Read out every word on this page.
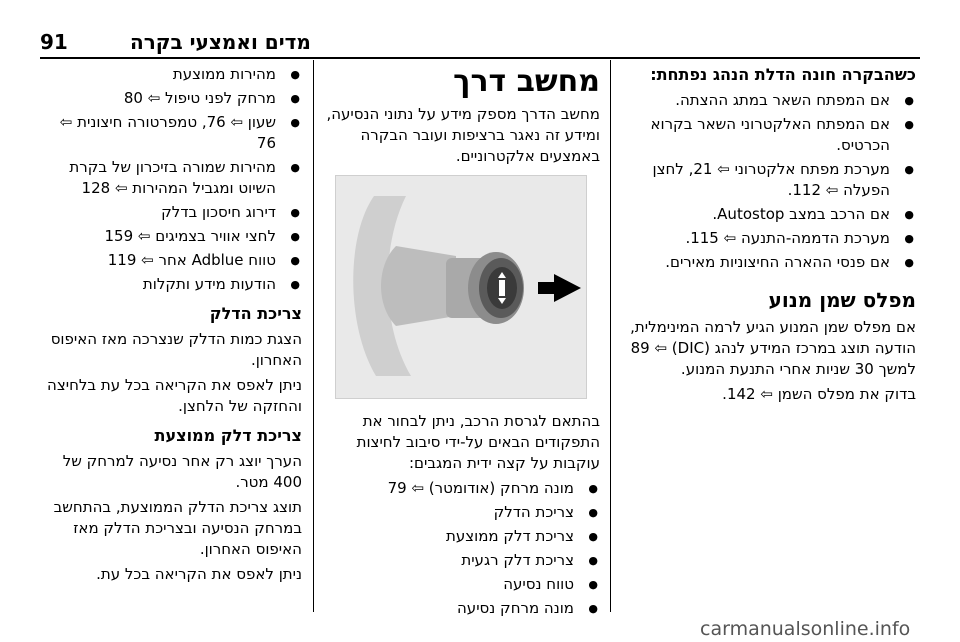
91	מדים ואמצעי בקרה

כשהבקרה חונה הדלת הנהג נפתחת:

● אם המפתח השאר במתג ההצתה.
● אם המפתח האלקטרוני השאר בקרוא הכרטיס.
● מערכת מפתח אלקטרוני ⇦ 21, לחצן הפעלה ⇦ 112.
● אם הרכב במצב Autostop.
● מערכת הדממה-התנעה ⇦ 115.
● אם פנסי ההארה החיצוניות מאירים.

מפלס שמן מנוע

אם מפלס שמן המנוע הגיע לרמה המינימלית, הודעה תוצג במרכז המידע לנהג (DIC) ⇦ 89 למשך 30 שניות אחרי התנעת המנוע.

בדוק את מפלס השמן ⇦ 142.

מחשב דרך

מחשב הדרך מספק מידע על נתוני הנסיעה, ומידע זה נאגר ברציפות ועובר הבקרה באמצעים אלקטרוניים.

בהתאם לגרסת הרכב, ניתן לבחור את התפקודים הבאים על-ידי סיבוב לחיצות עוקבות על קצה ידית המגבים:

● מונה מרחק (אודומטר) ⇦ 79
● צריכת הדלק
● צריכת דלק ממוצעת
● צריכת דלק רגעית
● טווח נסיעה
● מונה מרחק נסיעה
● מהירות ממוצעת
● מרחק לפני טיפול ⇦ 80
● שעון ⇦ 76, טמפרטורה חיצונית ⇦ 76
● מהירות שמורה בזיכרון של בקרת השיוט ומגביל המהירות ⇦ 128
● דירוג חיסכון בדלק
● לחצי אוויר בצמיגים ⇦ 159
● טווח Adblue אחר ⇦ 119
● הודעות מידע ותקלות

צריכת הדלק

הצגת כמות הדלק שנצרכה מאז האיפוס האחרון.

ניתן לאפס את הקריאה בכל עת בלחיצה והחזקה של הלחצן.

צריכת דלק ממוצעת

הערך יוצג רק אחר נסיעה למרחק של 400 מטר.

תוצג צריכת הדלק הממוצעת, בהתחשב במרחק הנסיעה ובצריכת הדלק מאז האיפוס האחרון.

ניתן לאפס את הקריאה בכל עת.

carmanualsonline.info
